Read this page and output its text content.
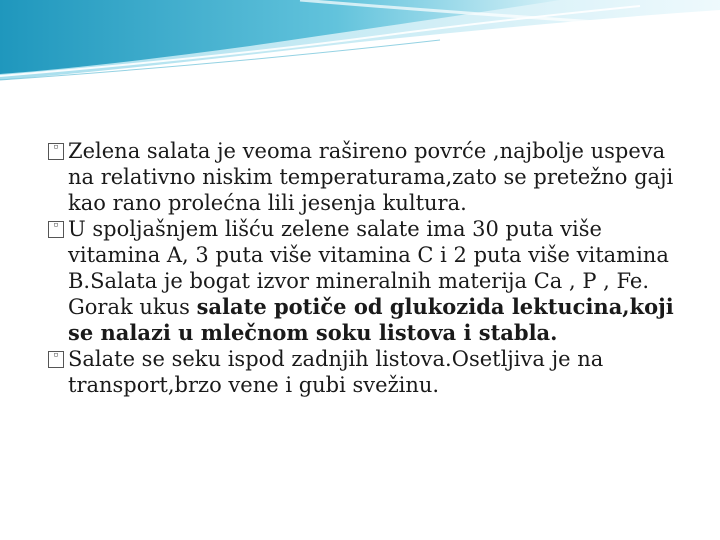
▫ Zelena salata je veoma rašireno povrće ,najbolje uspeva na relativno niskim temperaturama,zato se pretežno gaji kao rano prolećna lili jesenja kultura.

▫ U spoljašnjem lišću zelene salate ima 30 puta više vitamina A, 3 puta više vitamina C i 2 puta više vitamina B.Salata je bogat izvor mineralnih materija Ca , P , Fe. Gorak ukus salate potiče od glukozida lektucina,koji se nalazi u mlečnom soku listova i stabla.

▫ Salate se seku ispod zadnjih listova.Osetljiva je na transport,brzo vene i gubi svežinu.
